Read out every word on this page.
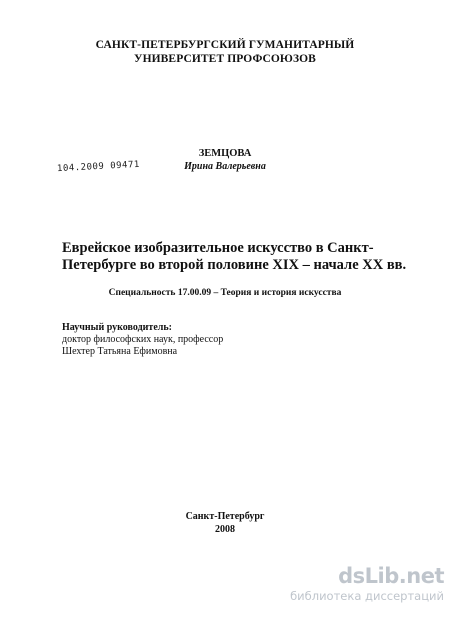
САНКТ-ПЕТЕРБУРГСКИЙ ГУМАНИТАРНЫЙ
УНИВЕРСИТЕТ ПРОФСОЮЗОВ
104.2009 09471
ЗЕМЦОВА
Ирина Валерьевна
Еврейское изобразительное искусство в Санкт-
Петербурге во второй половине XIX – начале XX вв.
Специальность 17.00.09 – Теория и история искусства
Научный руководитель:
доктор философских наук, профессор
Шехтер Татьяна Ефимовна
Санкт-Петербург
2008
dsLib.net
библиотека диссертаций
